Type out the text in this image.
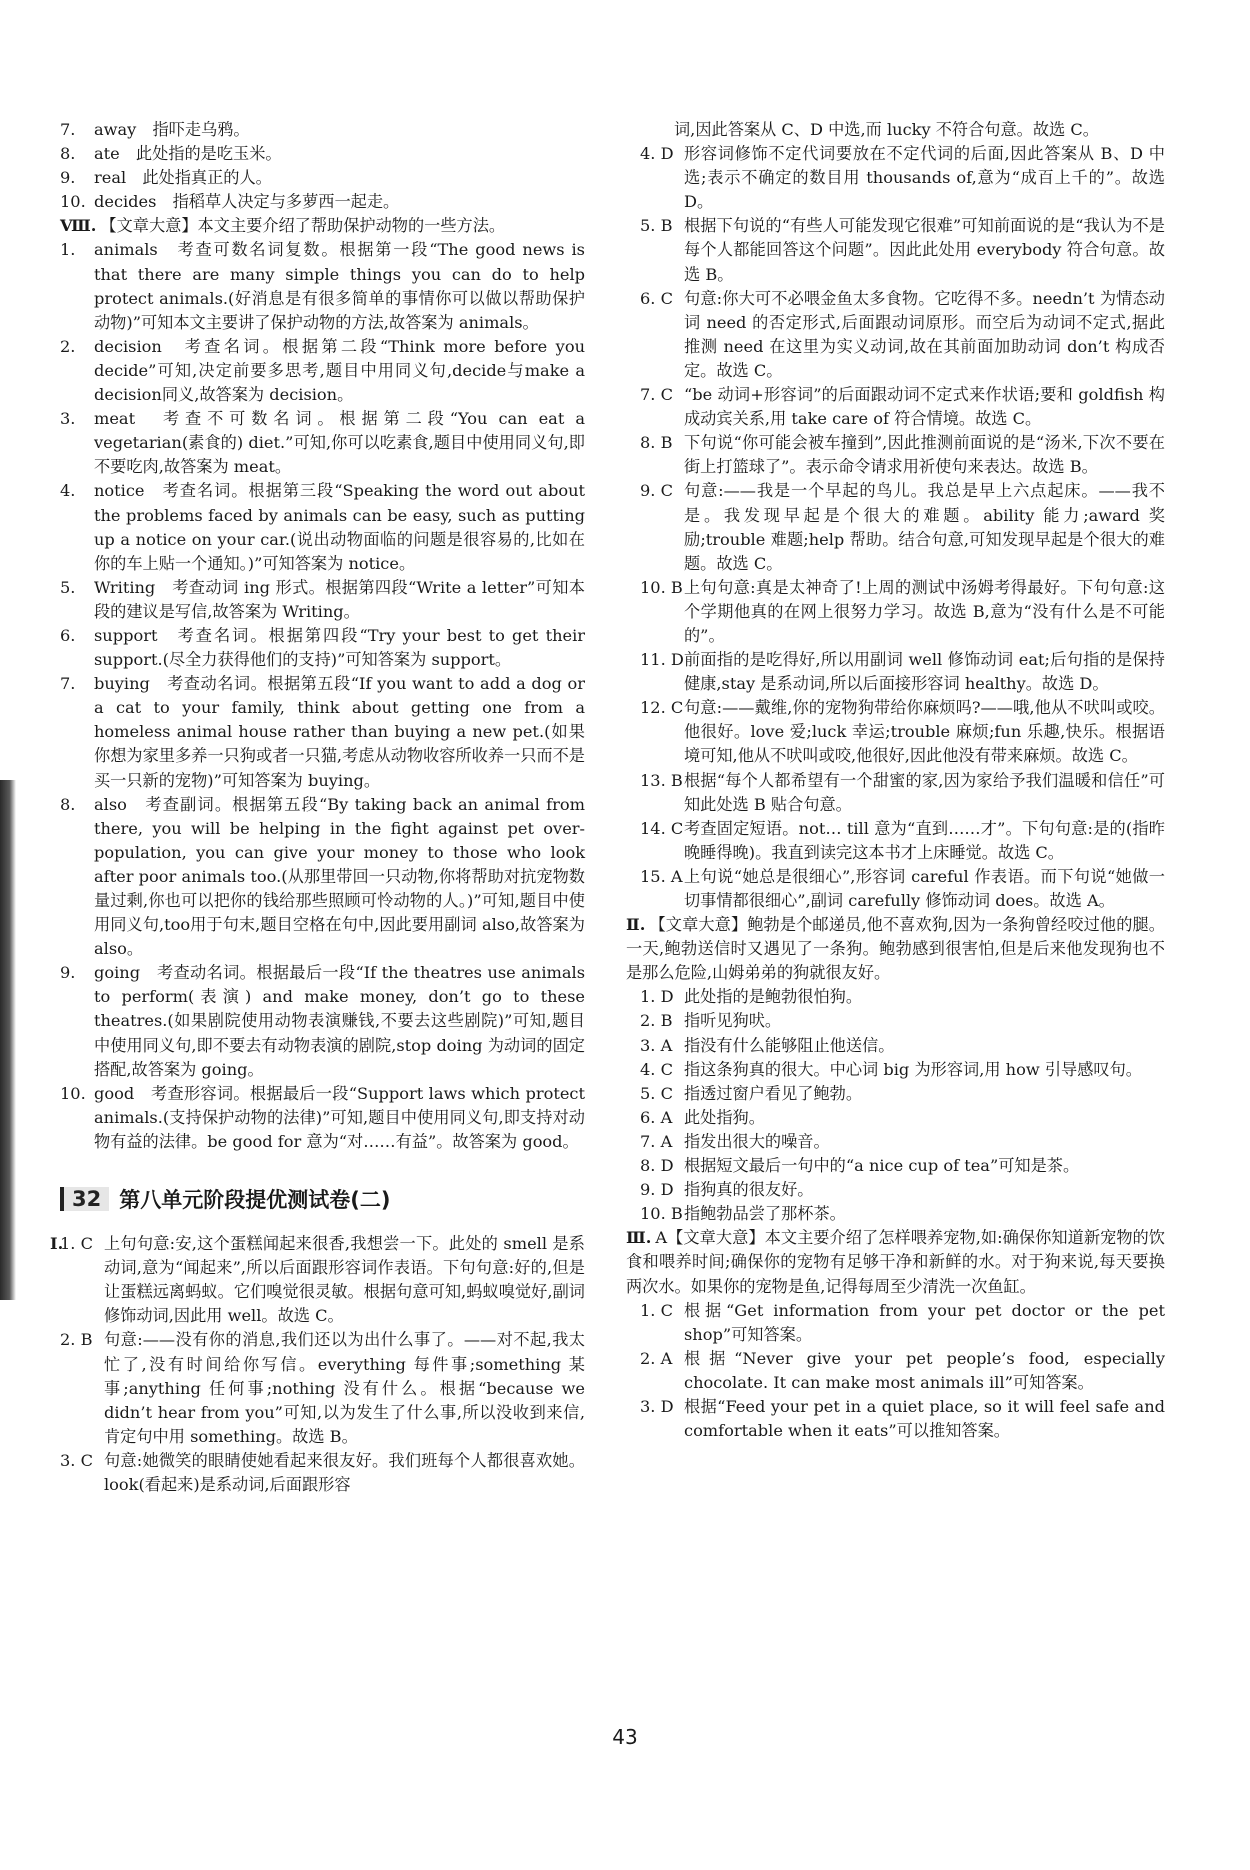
7.	away　指吓走乌鸦。

8.	ate　此处指的是吃玉米。

9.	real　此处指真正的人。

10. decides　指稻草人决定与多萝西一起走。

Ⅷ. 【文章大意】本文主要介绍了帮助保护动物的一些方法。

1.	animals　考查可数名词复数。根据第一段“The good news is that there are many simple things you can do to help protect animals.(好消息是有很多简单的事情你可以做以帮助保护动物)”可知本文主要讲了保护动物的方法,故答案为 animals。

2.	decision　考查名词。根据第二段“Think more before you decide”可知,决定前要多思考,题目中用同义句,decide与make a decision同义,故答案为 decision。

3.	meat　考查不可数名词。根据第二段“You can eat a vegetarian(素食的) diet.”可知,你可以吃素食,题目中使用同义句,即不要吃肉,故答案为 meat。

4.	notice　考查名词。根据第三段“Speaking the word out about the problems faced by animals can be easy, such as putting up a notice on your car.(说出动物面临的问题是很容易的,比如在你的车上贴一个通知。)”可知答案为 notice。

5.	Writing　考查动词 ing 形式。根据第四段“Write a letter”可知本段的建议是写信,故答案为 Writing。

6.	support　考查名词。根据第四段“Try your best to get their support.(尽全力获得他们的支持)”可知答案为 support。

7.	buying　考查动名词。根据第五段“If you want to add a dog or a cat to your family, think about getting one from a homeless animal house rather than buying a new pet.(如果你想为家里多养一只狗或者一只猫,考虑从动物收容所收养一只而不是买一只新的宠物)”可知答案为 buying。

8.	also　考查副词。根据第五段“By taking back an animal from there, you will be helping in the fight against pet over-population, you can give your money to those who look after poor animals too.(从那里带回一只动物,你将帮助对抗宠物数量过剩,你也可以把你的钱给那些照顾可怜动物的人。)”可知,题目中使用同义句,too用于句末,题目空格在句中,因此要用副词 also,故答案为 also。

9.	going　考查动名词。根据最后一段“If the theatres use animals to perform(表演) and make money, don’t go to these theatres.(如果剧院使用动物表演赚钱,不要去这些剧院)”可知,题目中使用同义句,即不要去有动物表演的剧院,stop doing 为动词的固定搭配,故答案为 going。

10. good　考查形容词。根据最后一段“Support laws which protect animals.(支持保护动物的法律)”可知,题目中使用同义句,即支持对动物有益的法律。be good for 意为“对……有益”。故答案为 good。

32 第八单元阶段提优测试卷(二)
Ⅰ.

1. C 上句句意:安,这个蛋糕闻起来很香,我想尝一下。此处的 smell 是系动词,意为“闻起来”,所以后面跟形容词作表语。下句句意:好的,但是让蛋糕远离蚂蚁。它们嗅觉很灵敏。根据句意可知,蚂蚁嗅觉好,副词修饰动词,因此用 well。故选 C。

2. B 句意:——没有你的消息,我们还以为出什么事了。——对不起,我太忙了,没有时间给你写信。everything 每件事;something 某事;anything 任何事;nothing 没有什么。根据“because we didn’t hear from you”可知,以为发生了什么事,所以没收到来信,肯定句中用 something。故选 B。

3. C 句意:她微笑的眼睛使她看起来很友好。我们班每个人都很喜欢她。look(看起来)是系动词,后面跟形容

词,因此答案从 C、D 中选,而 lucky 不符合句意。故选 C。

4. D 形容词修饰不定代词要放在不定代词的后面,因此答案从 B、D 中选;表示不确定的数目用 thousands of,意为“成百上千的”。故选 D。

5. B 根据下句说的“有些人可能发现它很难”可知前面说的是“我认为不是每个人都能回答这个问题”。因此此处用 everybody 符合句意。故选 B。

6. C 句意:你大可不必喂金鱼太多食物。它吃得不多。needn’t 为情态动词 need 的否定形式,后面跟动词原形。而空后为动词不定式,据此推测 need 在这里为实义动词,故在其前面加助动词 don’t 构成否定。故选 C。

7. C “be 动词+形容词”的后面跟动词不定式来作状语;要和 goldfish 构成动宾关系,用 take care of 符合情境。故选 C。

8. B 下句说“你可能会被车撞到”,因此推测前面说的是“汤米,下次不要在街上打篮球了”。表示命令请求用祈使句来表达。故选 B。

9. C 句意:——我是一个早起的鸟儿。我总是早上六点起床。——我不是。我发现早起是个很大的难题。ability 能力;award 奖励;trouble 难题;help 帮助。结合句意,可知发现早起是个很大的难题。故选 C。

10. B 上句句意:真是太神奇了!上周的测试中汤姆考得最好。下句句意:这个学期他真的在网上很努力学习。故选 B,意为“没有什么是不可能的”。

11. D 前面指的是吃得好,所以用副词 well 修饰动词 eat;后句指的是保持健康,stay 是系动词,所以后面接形容词 healthy。故选 D。

12. C 句意:——戴维,你的宠物狗带给你麻烦吗?——哦,他从不吠叫或咬。他很好。love 爱;luck 幸运;trouble 麻烦;fun 乐趣,快乐。根据语境可知,他从不吠叫或咬,他很好,因此他没有带来麻烦。故选 C。

13. B 根据“每个人都希望有一个甜蜜的家,因为家给予我们温暖和信任”可知此处选 B 贴合句意。

14. C 考查固定短语。not… till 意为“直到……才”。下句句意:是的(指昨晚睡得晚)。我直到读完这本书才上床睡觉。故选 C。

15. A 上句说“她总是很细心”,形容词 careful 作表语。而下句说“她做一切事情都很细心”,副词 carefully 修饰动词 does。故选 A。

Ⅱ. 【文章大意】鲍勃是个邮递员,他不喜欢狗,因为一条狗曾经咬过他的腿。一天,鲍勃送信时又遇见了一条狗。鲍勃感到很害怕,但是后来他发现狗也不是那么危险,山姆弟弟的狗就很友好。

1. D 此处指的是鲍勃很怕狗。

2. B 指听见狗吠。

3. A 指没有什么能够阻止他送信。

4. C 指这条狗真的很大。中心词 big 为形容词,用 how 引导感叹句。

5. C 指透过窗户看见了鲍勃。

6. A 此处指狗。

7. A 指发出很大的噪音。

8. D 根据短文最后一句中的“a nice cup of tea”可知是茶。

9. D 指狗真的很友好。

10. B 指鲍勃品尝了那杯茶。

Ⅲ. A【文章大意】本文主要介绍了怎样喂养宠物,如:确保你知道新宠物的饮食和喂养时间;确保你的宠物有足够干净和新鲜的水。对于狗来说,每天要换两次水。如果你的宠物是鱼,记得每周至少清洗一次鱼缸。

1. C 根据“Get information from your pet doctor or the pet shop”可知答案。

2. A 根据“Never give your pet people’s food, especially chocolate. It can make most animals ill”可知答案。

3. D 根据“Feed your pet in a quiet place, so it will feel safe and comfortable when it eats”可以推知答案。

43
